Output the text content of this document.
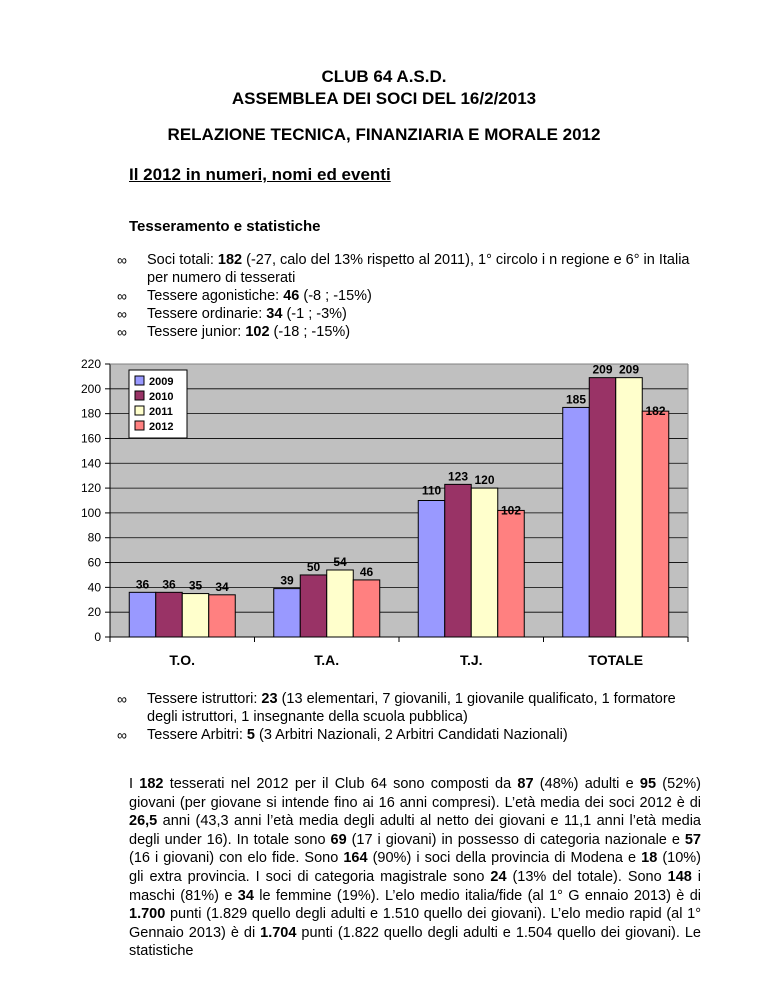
CLUB 64 A.S.D.
ASSEMBLEA DEI SOCI DEL 16/2/2013
RELAZIONE TECNICA, FINANZIARIA E MORALE 2012
Il 2012 in numeri, nomi ed eventi
Tesseramento e statistiche
∞ Soci totali: 182 (-27, calo del 13% rispetto al 2011), 1° circolo i n regione e 6° in Italia per numero di tesserati
∞ Tessere agonistiche: 46 (-8 ; -15%)
∞ Tessere ordinarie: 34 (-1 ; -3%)
∞ Tessere junior: 102 (-18 ; -15%)
0
20
40
60
80
100
120
140
160
180
200
220
36 36 35 34
T.O.
39
50 54
46
T.A.
110
123 120
102
T.J.
185
209 209
182
TOTALE
2009
2010
2011
2012
∞ Tessere istruttori: 23 (13 elementari, 7 giovanili, 1 giovanile qualificato, 1 formatore degli istruttori, 1 insegnante della scuola pubblica)
∞ Tessere Arbitri: 5 (3 Arbitri Nazionali, 2 Arbitri Candidati Nazionali)
I 182 tesserati nel 2012 per il Club 64 sono composti da 87 (48%) adulti e 95 (52%) giovani (per giovane si intende fino ai 16 anni compresi). L’età media dei soci 2012 è di 26,5 anni (43,3 anni l’età media degli adulti al netto dei giovani e 11,1 anni l’età media degli under 16). In totale sono 69 (17 i giovani) in possesso di categoria nazionale e 57 (16 i giovani) con elo fide. Sono 164 (90%) i soci della provincia di Modena e 18 (10%) gli extra provincia. I soci di categoria magistrale sono 24 (13% del totale). Sono 148 i maschi (81%) e 34 le femmine (19%). L’elo medio italia/fide (al 1° G ennaio 2013) è di 1.700 punti (1.829 quello degli adulti e 1.510 quello dei giovani). L’elo medio rapid (al 1° Gennaio 2013) è di 1.704 punti (1.822 quello degli adulti e 1.504 quello dei giovani). Le statistiche
